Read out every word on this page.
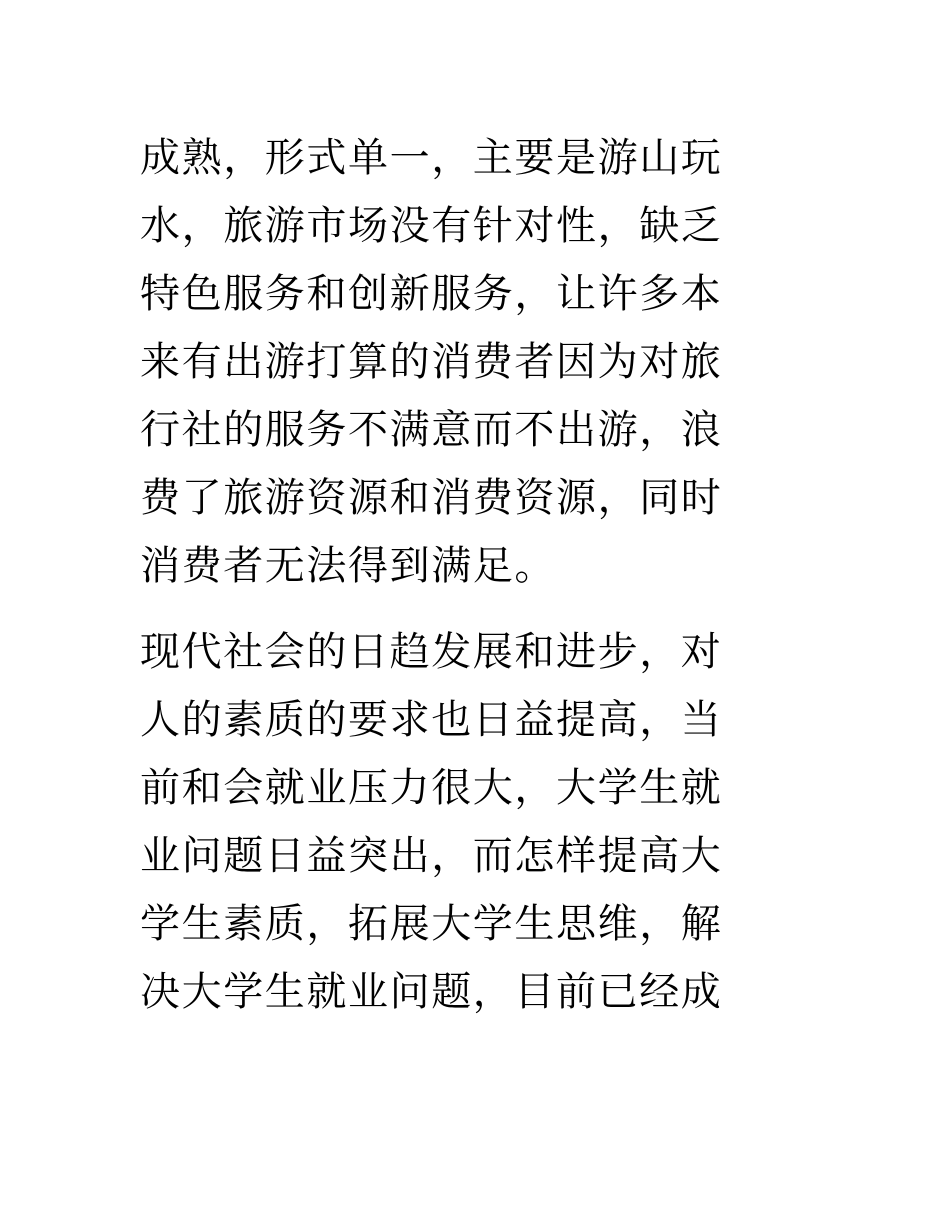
成熟，形式单一，主要是游山玩
水，旅游市场没有针对性，缺乏
特色服务和创新服务，让许多本
来有出游打算的消费者因为对旅
行社的服务不满意而不出游，浪
费了旅游资源和消费资源，同时
消费者无法得到满足。
现代社会的日趋发展和进步，对
人的素质的要求也日益提高，当
前和会就业压力很大，大学生就
业问题日益突出，而怎样提高大
学生素质，拓展大学生思维，解
决大学生就业问题，目前已经成
